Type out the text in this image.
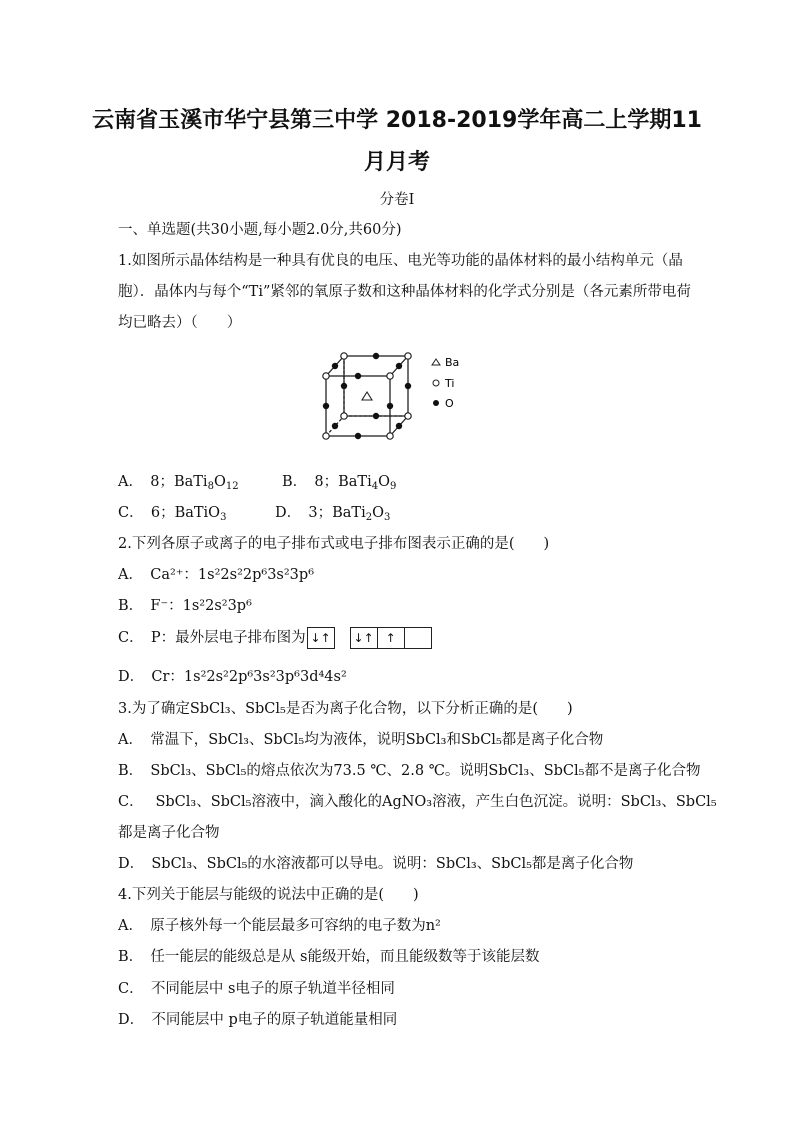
云南省玉溪市华宁县第三中学 2018-2019学年高二上学期11
月月考
分卷I
一、单选题(共30小题,每小题2.0分,共60分)
1.如图所示晶体结构是一种具有优良的电压、电光等功能的晶体材料的最小结构单元（晶
胞）．晶体内与每个“Ti”紧邻的氧原子数和这种晶体材料的化学式分别是（各元素所带电荷
均已略去）（　　）
Ba
Ti
O
A．　8；$BaTi_8O_{12}$	B．　8；$BaTi_4O_9$
C．　6；BaTiO$_3$	D．　3；$BaTi_2O_3$
2.下列各原子或离子的电子排布式或电子排布图表示正确的是(　　)
A．　Ca²⁺：1s²2s²2p⁶3s²3p⁶
B．　F⁻：1s²2s²3p⁶
C．　P：最外层电子排布图为 ↓↑	↓↑ ↑
D．　Cr：1s²2s²2p⁶3s²3p⁶3d⁴4s²
3.为了确定SbCl₃、SbCl₅是否为离子化合物，以下分析正确的是(　　)
A．　常温下，SbCl₃、SbCl₅均为液体，说明SbCl₃和SbCl₅都是离子化合物
B．　SbCl₃、SbCl₅的熔点依次为73.5 ℃、2.8 ℃。说明SbCl₃、SbCl₅都不是离子化合物
C．　 SbCl₃、SbCl₅溶液中，滴入酸化的AgNO₃溶液，产生白色沉淀。说明：SbCl₃、SbCl₅
都是离子化合物
D．　SbCl₃、SbCl₅的水溶液都可以导电。说明：SbCl₃、SbCl₅都是离子化合物
4.下列关于能层与能级的说法中正确的是(　　)
A．　原子核外每一个能层最多可容纳的电子数为n²
B．　任一能层的能级总是从 s能级开始，而且能级数等于该能层数
C．　不同能层中 s电子的原子轨道半径相同
D．　不同能层中 p电子的原子轨道能量相同
